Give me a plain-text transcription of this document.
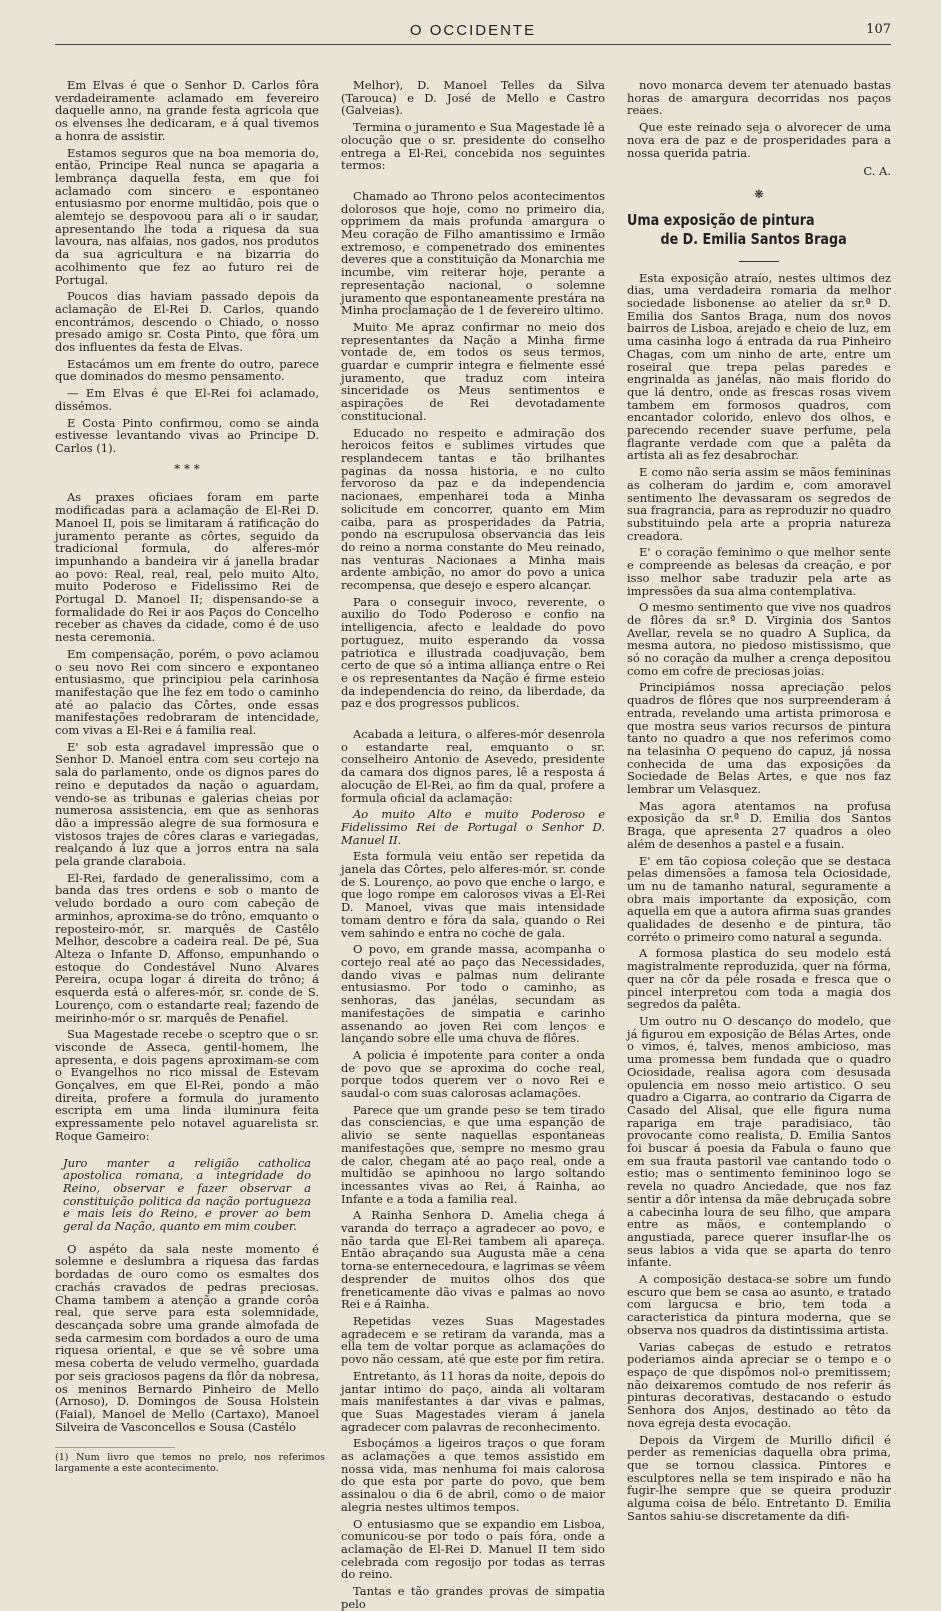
O OCCIDENTE	107

Em Elvas é que o Senhor D. Carlos fôra verdadeiramente aclamado em fevereiro daquelle anno, na grande festa agricola que os elvenses lhe dedicaram, e á qual tivemos a honra de assistir.

Estamos seguros que na boa memoria do, então, Principe Real nunca se apagaria a lembrança daquella festa, em que foi aclamado com sincero e espontaneo entusiasmo por enorme multidão, pois que o alemtejo se despovoou para ali o ir saudar, apresentando lhe toda a riquesa da sua lavoura, nas alfaias, nos gados, nos produtos da sua agricultura e na bizarria do acolhimento que fez ao futuro rei de Portugal.

Poucos dias haviam passado depois da aclamação de El-Rei D. Carlos, quando encontrámos, descendo o Chiado, o nosso presado amigo sr. Costa Pinto, que fôra um dos influentes da festa de Elvas.

Estacámos um em frente do outro, parece que dominados do mesmo pensamento.

— Em Elvas é que El-Rei foi aclamado, dissémos.

E Costa Pinto confirmou, como se ainda estivesse levantando vivas ao Principe D. Carlos (1).

* * *

As praxes oficiaes foram em parte modificadas para a aclamação de El-Rei D. Manoel II, pois se limitaram á ratificação do juramento perante as côrtes, seguido da tradicional formula, do alferes-mór impunhando a bandeira vir á janella bradar ao povo: Real, real, real, pelo muito Alto, muito Poderoso e Fidelissimo Rei de Portugal D. Manoel II; dispensando-se a formalidade do Rei ir aos Paços do Concelho receber as chaves da cidade, como é de uso nesta ceremonia.

Em compensação, porém, o povo aclamou o seu novo Rei com sincero e expontaneo entusiasmo, que principiou pela carinhosa manifestação que lhe fez em todo o caminho até ao palacio das Côrtes, onde essas manifestações redobraram de intencidade, com vivas a El-Rei e á familia real.

E' sob esta agradavel impressão que o Senhor D. Manoel entra com seu cortejo na sala do parlamento, onde os dignos pares do reino e deputados da nação o aguardam, vendo-se as tribunas e galerias cheias por numerosa assistencia, em que as senhoras dão a impressão alegre de sua formosura e vistosos trajes de côres claras e variegadas, realçando á luz que a jorros entra na sala pela grande claraboia.

El-Rei, fardado de generalissimo, com a banda das tres ordens e sob o manto de veludo bordado a ouro com cabeção de arminhos, aproxima-se do trôno, emquanto o reposteiro-mór, sr. marquês de Castêlo Melhor, descobre a cadeira real. De pé, Sua Alteza o Infante D. Affonso, empunhando o estoque do Condestável Nuno Alvares Pereira, ocupa logar á direita do trôno; á esquerda está o alferes-mór, sr. conde de S. Lourenço, com o estandarte real; fazendo de meirinho-mór o sr. marquês de Penafiel.

Sua Magestade recebe o sceptro que o sr. visconde de Asseca, gentil-homem, lhe apresenta, e dois pagens aproximam-se com o Evangelhos no rico missal de Estevam Gonçalves, em que El-Rei, pondo a mão direita, profere a formula do juramento escripta em uma linda iluminura feita expressamente pelo notavel aguarelista sr. Roque Gameiro:

Juro manter a religião catholica apostolica romana, a integridade do Reino, observar e fazer observar a constituição politica da nação portugueza e mais leis do Reino, e prover ao bem geral da Nação, quanto em mim couber.

O aspéto da sala neste momento é solemne e deslumbra a riquesa das fardas bordadas de ouro como os esmaltes dos crachás cravados de pedras preciosas. Chama tambem a atenção a grande corôa real, que serve para esta solemnidade, descançada sobre uma grande almofada de seda carmesim com bordados a ouro de uma riquesa oriental, e que se vê sobre uma mesa coberta de veludo vermelho, guardada por seis graciosos pagens da flôr da nobresa, os meninos Bernardo Pinheiro de Mello (Arnoso), D. Domingos de Sousa Holstein (Faial), Manoel de Mello (Cartaxo), Manoel Silveira de Vasconcellos e Sousa (Castélo

(1) Num livro que temos no prelo, nos referimos largamente a este acontecimento.

Melhor), D. Manoel Telles da Silva (Tarouca) e D. José de Mello e Castro (Galveias).

Termina o juramento e Sua Magestade lê a olocução que o sr. presidente do conselho entrega a El-Rei, concebida nos seguintes termos:

Chamado ao Throno pelos acontecimentos dolorosos que hoje, como no primeiro dia, opprimem da mais profunda amargura o Meu coração de Filho amantissimo e Irmão extremoso, e compenetrado dos eminentes deveres que a constituição da Monarchia me incumbe, vim reiterar hoje, perante a representação nacional, o solemne juramento que espontaneamente prestára na Minha proclamação de 1 de fevereiro ultimo.

Muito Me apraz confirmar no meio dos representantes da Nação a Minha firme vontade de, em todos os seus termos, guardar e cumprir integra e fielmente essé juramento, que traduz com inteira sinceridade os Meus sentimentos e aspirações de Rei devotadamente constitucional.

Educado no respeito e admiração dos heroicos feitos e sublimes virtudes que resplandecem tantas e tão brilhantes paginas da nossa historia, e no culto fervoroso da paz e da independencia nacionaes, empenharei toda a Minha solicitude em concorrer, quanto em Mim caiba, para as prosperidades da Patria, pondo na escrupulosa observancia das leis do reino a norma constante do Meu reinado, nas venturas Nacionaes a Minha mais ardente ambição, no amor do povo a unica recompensa, que desejo e espero alcançar.

Para o conseguir invoco, reverente, o auxilio do Todo Poderoso e confio na intelligencia, afecto e lealdade do povo portuguez, muito esperando da vossa patriotica e illustrada coadjuvação, bem certo de que só a intima alliança entre o Rei e os representantes da Nação é firme esteio da independencia do reino, da liberdade, da paz e dos progressos publicos.

Acabada a leitura, o alferes-mór desenrola o estandarte real, emquanto o sr. conselheiro Antonio de Asevedo, presidente da camara dos dignos pares, lê a resposta á alocução de El-Rei, ao fim da qual, profere a formula oficial da aclamação:

Ao muito Alto e muito Poderoso e Fidelissimo Rei de Portugal o Senhor D. Manuel II.

Esta formula veiu então ser repetida da janela das Côrtes, pelo alferes-mór. sr. conde de S. Lourenço, ao povo que enche o largo, e que logo rompe em calorosos vivas a El-Rei D. Manoel, vivas que mais intensidade tomam dentro e fóra da sala, quando o Rei vem sahindo e entra no coche de gala.

O povo, em grande massa, acompanha o cortejo real até ao paço das Necessidades, dando vivas e palmas num delirante entusiasmo. Por todo o caminho, as senhoras, das janélas, secundam as manifestações de simpatia e carinho assenando ao joven Rei com lenços e lançando sobre elle uma chuva de flôres.

A policia é impotente para conter a onda de povo que se aproxima do coche real, porque todos querem ver o novo Rei e saudal-o com suas calorosas aclamações.

Parece que um grande peso se tem tirado das consciencias, e que uma espanção de alivio se sente naquellas espontaneas manifestações que, sempre no mesmo grau de calor, chegam até ao paço real, onde a multidão se apinhoou no largo soltando incessantes vivas ao Rei, á Rainha, ao Infante e a toda a familia real.

A Rainha Senhora D. Amelia chega á varanda do terraço a agradecer ao povo, e não tarda que El-Rei tambem ali apareça. Então abraçando sua Augusta mãe a cena torna-se enternecedoura, e lagrimas se vêem desprender de muitos olhos dos que freneticamente dão vivas e palmas ao novo Rei e á Rainha.

Repetidas vezes Suas Magestades agradecem e se retiram da varanda, mas a ella tem de voltar porque as aclamações do povo não cessam, até que este por fim retira.

Entretanto, ás 11 horas da noite, depois do jantar intimo do paço, ainda ali voltaram mais manifestantes a dar vivas e palmas, que Suas Magestades vieram á janela agradecer com palavras de reconhecimento.

Esboçámos a ligeiros traços o que foram as aclamações a que temos assistido em nossa vida, mas nenhuma foi mais calorosa do que esta por parte do povo, que bem assinalou o dia 6 de abril, como o de maior alegria nestes ultimos tempos.

O entusiasmo que se expandio em Lisboa, comunicou-se por todo o país fóra, onde a aclamação de El-Rei D. Manuel II tem sido celebrada com regosijo por todas as terras do reino.

Tantas e tão grandes provas de simpatia pelo

novo monarca devem ter atenuado bastas horas de amargura decorridas nos paços reaes.

Que este reinado seja o alvorecer de uma nova era de paz e de prosperidades para a nossa querida patria.

C. A.

❋
Uma exposição de pintura
de D. Emilia Santos Braga

Esta exposição atraío, nestes ultimos dez dias, uma verdadeira romaria da melhor sociedade lisbonense ao atelier da sr.ª D. Emilia dos Santos Braga, num dos novos bairros de Lisboa, arejado e cheio de luz, em uma casinha logo á entrada da rua Pinheiro Chagas, com um ninho de arte, entre um roseiral que trepa pelas paredes e engrinalda as janélas, não mais florido do que lá dentro, onde as frescas rosas vivem tambem em formosos quadros, com encantador colorido, enlevo dos olhos, e parecendo recender suave perfume, pela flagrante verdade com que a palêta da artista ali as fez desabrochar.

E como não seria assim se mãos femininas as colheram do jardim e, com amoravel sentimento lhe devassaram os segredos de sua fragrancia, para as reproduzir no quadro substituindo pela arte a propria natureza creadora.

E' o coração feminimo o que melhor sente e compreende as belesas da creação, e por isso melhor sabe traduzir pela arte as impressões da sua alma contemplativa.

O mesmo sentimento que vive nos quadros de flôres da sr.ª D. Virginia dos Santos Avellar, revela se no quadro A Suplica, da mesma autora, no piedoso mistissismo, que só no coração da mulher a crença depositou como em cofre de preciosas joias.

Principiámos nossa apreciação pelos quadros de flôres que nos surpreenderam á entrada, revelando uma artista primorosa e que mostra seus varios recursos de pintura tanto no quadro a que nos referimos como na telasinha O pequeno do capuz, já nossa conhecida de uma das exposições da Sociedade de Belas Artes, e que nos faz lembrar um Velasquez.

Mas agora atentamos na profusa exposição da sr.ª D. Emilia dos Santos Braga, que apresenta 27 quadros a oleo além de desenhos a pastel e a fusain.

E' em tão copiosa coleção que se destaca pelas dimensões a famosa tela Ociosidade, um nu de tamanho natural, seguramente a obra mais importante da exposição, com aquella em que a autora afirma suas grandes qualidades de desenho e de pintura, tão corréto o primeiro como natural a segunda.

A formosa plastica do seu modelo está magistralmente reproduzida, quer na fórma, quer na côr da péle rosada e fresca que o pincel interpretou com toda a magia dos segredos da palêta.

Um outro nu O descanço do modelo, que já figurou em exposição de Bélas Artes, onde o vimos, é, talves, menos ambicioso, mas uma promessa bem fundada que o quadro Ociosidade, realisa agora com desusada opulencia em nosso meio artistico. O seu quadro a Cigarra, ao contrario da Cigarra de Casado del Alisal, que elle figura numa rapariga em traje paradisiaco, tão provocante como realista, D. Emilia Santos foi buscar á poesia da Fabula o fauno que em sua frauta pastoril vae cantando todo o estio; mas o sentimento femininoo logo se revela no quadro Anciedade, que nos faz sentir a dôr intensa da mãe debruçada sobre a cabecinha loura de seu filho, que ampara entre as mãos, e contemplando o angustiada, parece querer insuflar-lhe os seus labios a vida que se aparta do tenro infante.

A composição destaca-se sobre um fundo escuro que bem se casa ao asunto, e tratado com largucsa e brio, tem toda a caracteristica da pintura moderna, que se observa nos quadros da distintissima artista.

Varias cabeças de estudo e retratos poderiamos ainda apreciar se o tempo e o espaço de que dispômos nol-o premitissem; não deixaremos comtudo de nos referir ás pinturas decorativas, destacando o estudo Senhora dos Anjos, destinado ao têto da nova egreja desta evocação.

Depois da Virgem de Murillo dificil é perder as remenicias daquella obra prima, que se tornou classica. Pintores e esculptores nella se tem inspirado e não ha fugir-lhe sempre que se queira produzir alguma coisa de bélo. Entretanto D. Emilia Santos sahiu-se discretamente da difi-
